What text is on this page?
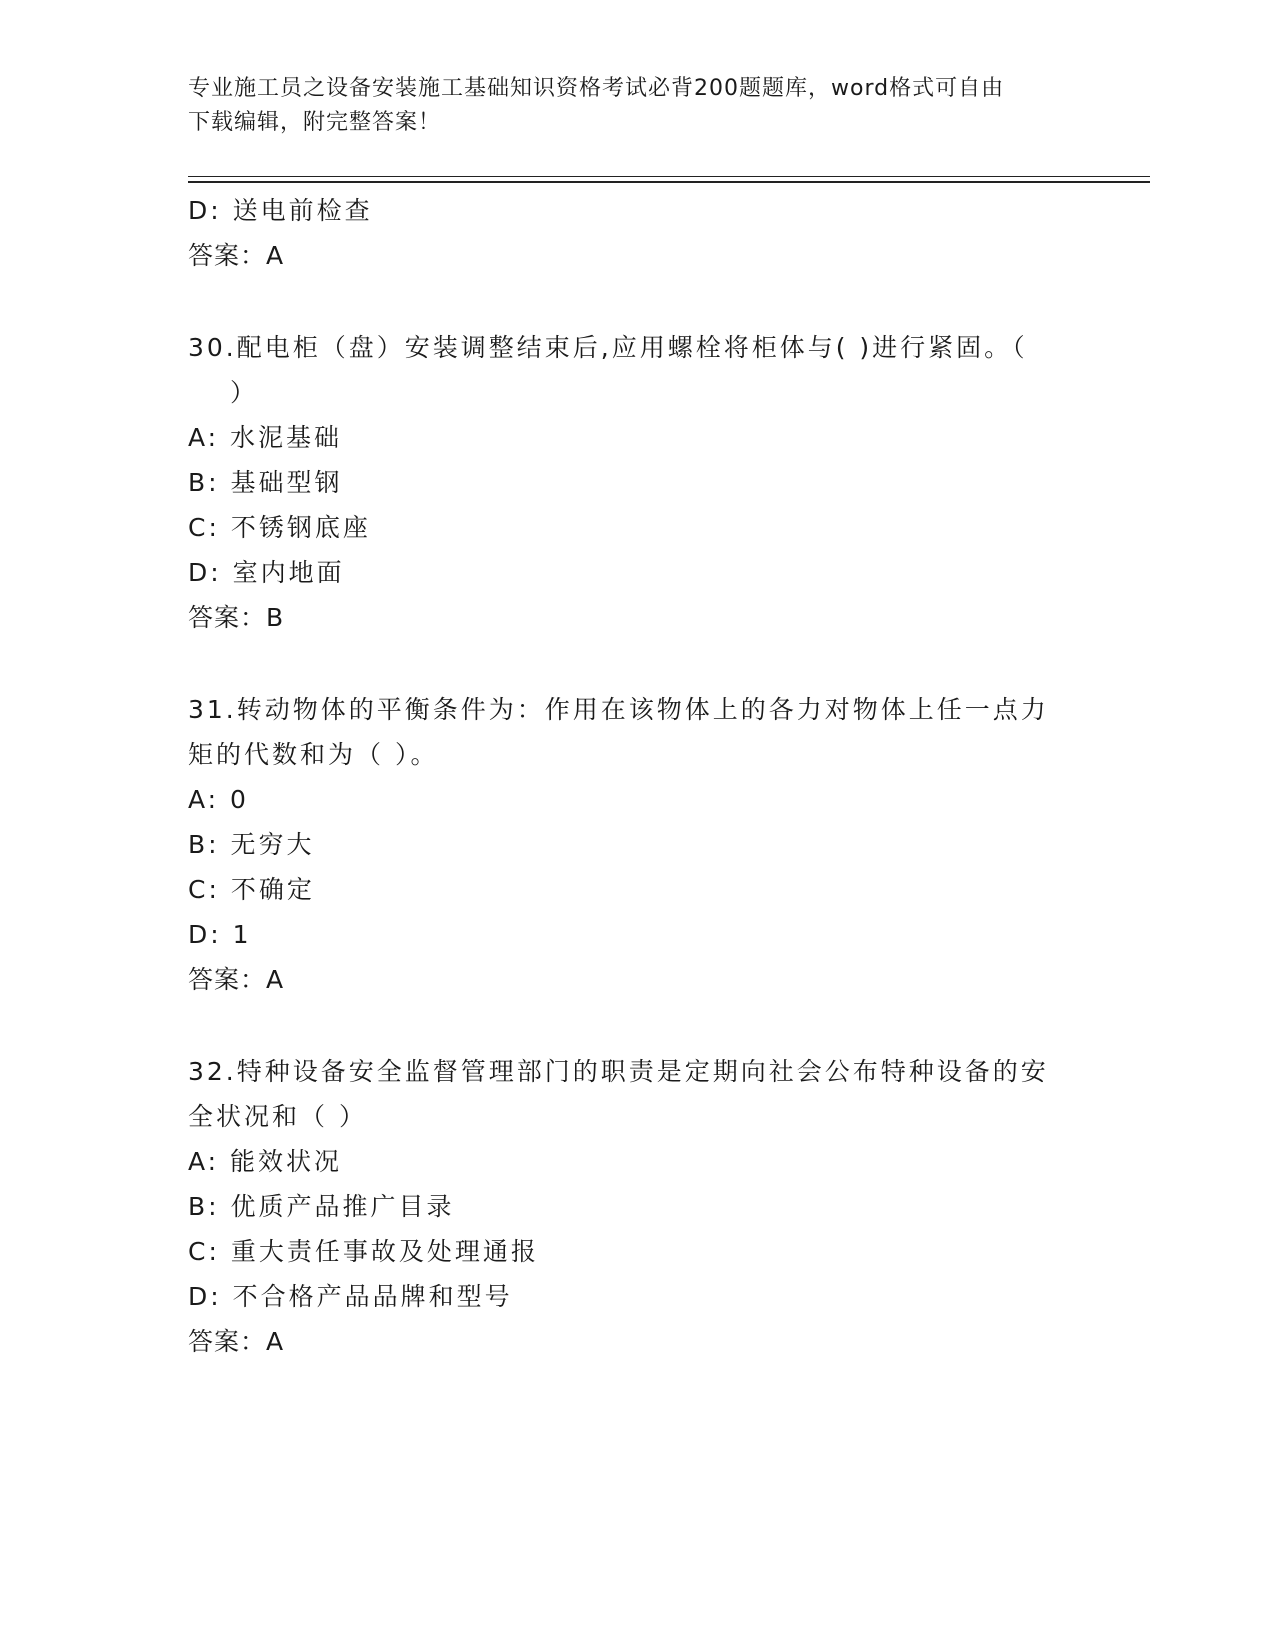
专业施工员之设备安装施工基础知识资格考试必背200题题库，word格式可自由
下载编辑，附完整答案！
D: 送电前检查
答案：A
30.配电柜（盘）安装调整结束后,应用螺栓将柜体与( )进行紧固。（
）
A: 水泥基础
B: 基础型钢
C: 不锈钢底座
D: 室内地面
答案：B
31.转动物体的平衡条件为：作用在该物体上的各力对物体上任一点力
矩的代数和为（ ）。
A: 0
B: 无穷大
C: 不确定
D: 1
答案：A
32.特种设备安全监督管理部门的职责是定期向社会公布特种设备的安
全状况和（ ）
A: 能效状况
B: 优质产品推广目录
C: 重大责任事故及处理通报
D: 不合格产品品牌和型号
答案：A
